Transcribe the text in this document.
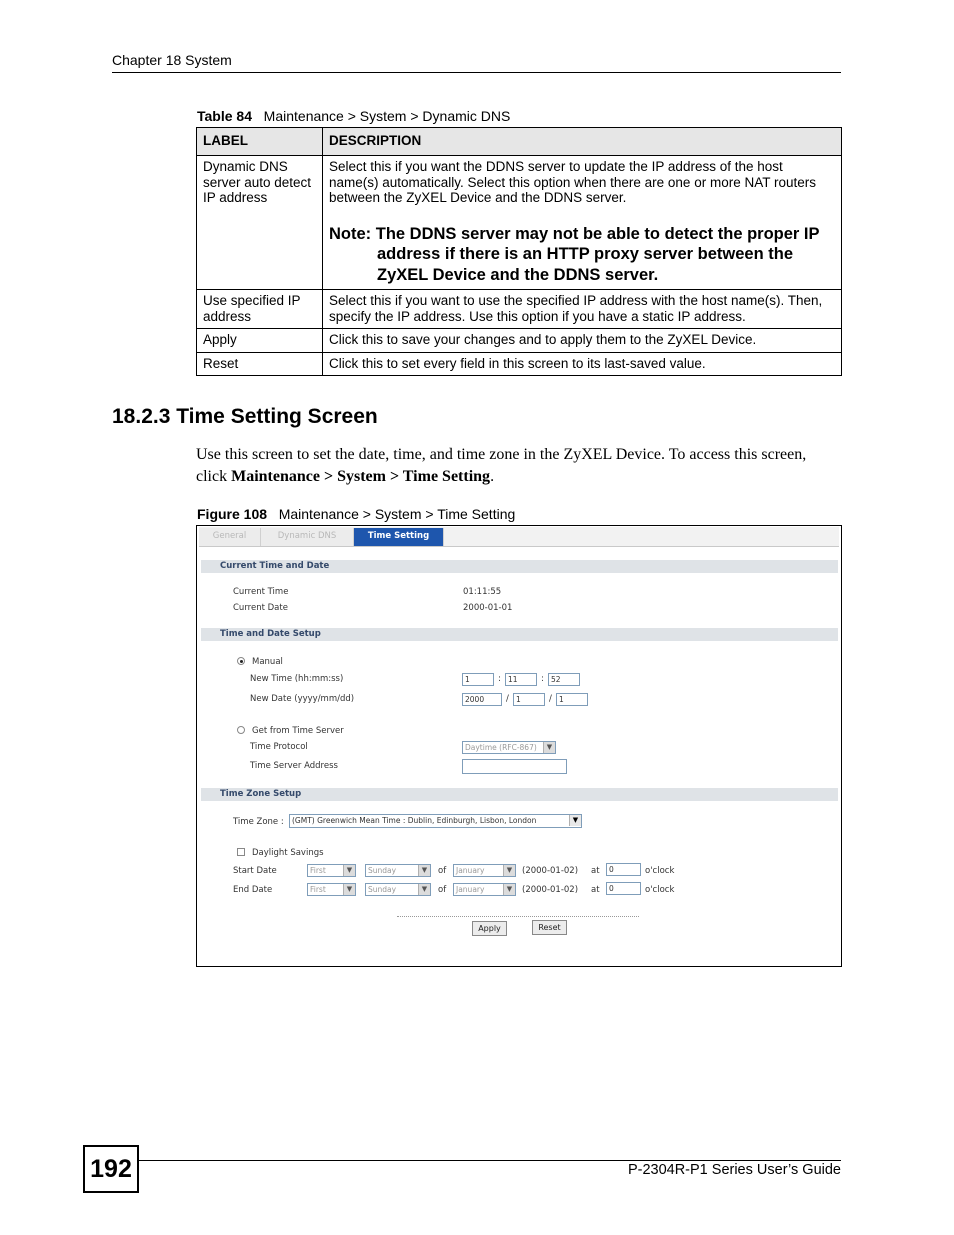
Chapter 18 System
Table 84 Maintenance > System > Dynamic DNS
LABEL	DESCRIPTION
Dynamic DNS server auto detect IP address	Select this if you want the DDNS server to update the IP address of the host name(s) automatically. Select this option when there are one or more NAT routers between the ZyXEL Device and the DDNS server.
Note: The DDNS server may not be able to detect the proper IP address if there is an HTTP proxy server between the ZyXEL Device and the DDNS server.

Use specified IP address	Select this if you want to use the specified IP address with the host name(s). Then, specify the IP address. Use this option if you have a static IP address.
Apply	Click this to save your changes and to apply them to the ZyXEL Device.
Reset	Click this to set every field in this screen to its last-saved value.
18.2.3 Time Setting Screen
Use this screen to set the date, time, and time zone in the ZyXEL Device. To access this screen, click Maintenance > System > Time Setting.
Figure 108 Maintenance > System > Time Setting
General	Dynamic DNS	Time Setting
Current Time and Date
Current Time	01:11:55
Current Date	2000-01-01
Time and Date Setup
Manual
New Time (hh:mm:ss)	1	: 11	: 52
New Date (yyyy/mm/dd)	2000	/ 1	/ 1
Get from Time Server
Time Protocol	Daytime (RFC-867)	▼
Time Server Address
Time Zone Setup
Time Zone :	(GMT) Greenwich Mean Time : Dublin, Edinburgh, Lisbon, London	▼
Daylight Savings
Start Date	First	▼	Sunday	▼	of	January	▼	(2000-01-02) at	0	o'clock
End Date	First	▼	Sunday	▼	of	January	▼	(2000-01-02) at	0	o'clock
Apply	Reset
192	P-2304R-P1 Series User’s Guide
